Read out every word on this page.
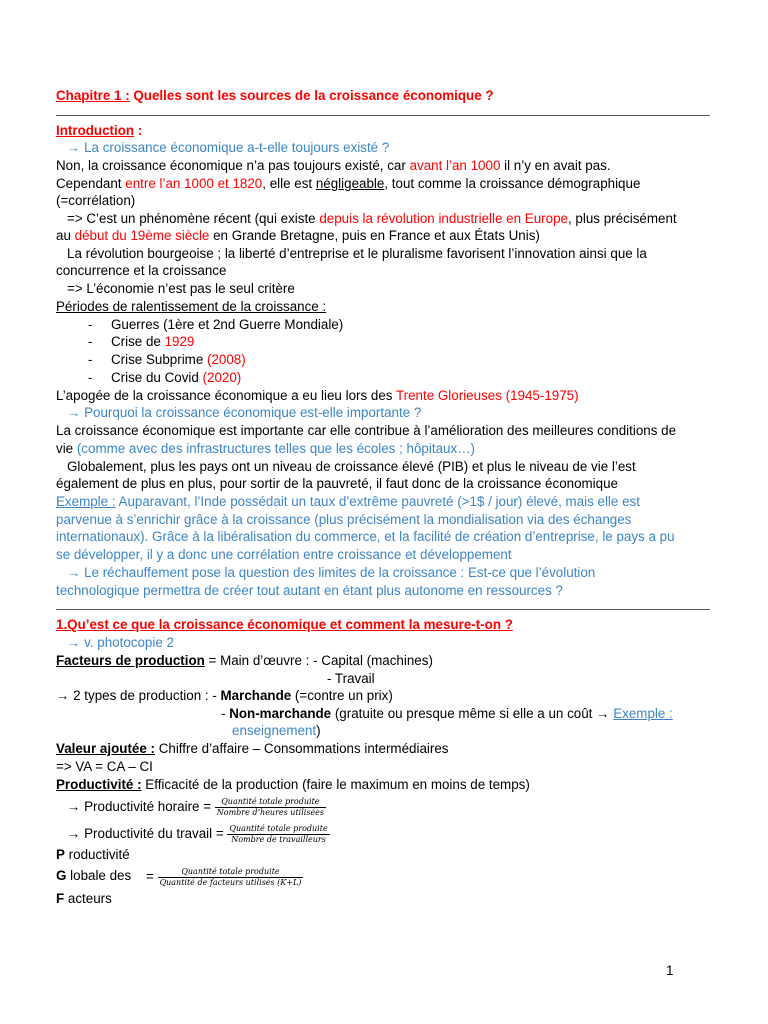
Chapitre 1 : Quelles sont les sources de la croissance économique ?
Introduction :
→ La croissance économique a-t-elle toujours existé ?
Non, la croissance économique n’a pas toujours existé, car avant l’an 1000 il n’y en avait pas.
Cependant entre l’an 1000 et 1820, elle est négligeable, tout comme la croissance démographique
(=corrélation)
=> C’est un phénomène récent (qui existe depuis la révolution industrielle en Europe, plus précisément
au début du 19ème siècle en Grande Bretagne, puis en France et aux États Unis)
La révolution bourgeoise ; la liberté d’entreprise et le pluralisme favorisent l’innovation ainsi que la
concurrence et la croissance
=> L’économie n’est pas le seul critère
Périodes de ralentissement de la croissance :
- Guerres (1ère et 2nd Guerre Mondiale)
- Crise de 1929
- Crise Subprime (2008)
- Crise du Covid (2020)
L’apogée de la croissance économique a eu lieu lors des Trente Glorieuses (1945-1975)
→ Pourquoi la croissance économique est-elle importante ?
La croissance économique est importante car elle contribue à l’amélioration des meilleures conditions de
vie (comme avec des infrastructures telles que les écoles ; hôpitaux…)
Globalement, plus les pays ont un niveau de croissance élevé (PIB) et plus le niveau de vie l’est
également de plus en plus, pour sortir de la pauvreté, il faut donc de la croissance économique
Exemple : Auparavant, l’Inde possédait un taux d’extrême pauvreté (>1$ / jour) élevé, mais elle est
parvenue à s’enrichir grâce à la croissance (plus précisément la mondialisation via des échanges
internationaux). Grâce à la libéralisation du commerce, et la facilité de création d’entreprise, le pays a pu
se développer, il y a donc une corrélation entre croissance et développement
→ Le réchauffement pose la question des limites de la croissance : Est-ce que l’évolution
technologique permettra de créer tout autant en étant plus autonome en ressources ?
1.Qu’est ce que la croissance économique et comment la mesure-t-on ?
→ v. photocopie 2
Facteurs de production = Main d’œuvre : - Capital (machines)
- Travail
→ 2 types de production : - Marchande (=contre un prix)
- Non-marchande (gratuite ou presque même si elle a un coût → Exemple :
enseignement)
Valeur ajoutée : Chiffre d’affaire – Consommations intermédiaires
=> VA = CA – CI
Productivité : Efficacité de la production (faire le maximum en moins de temps)
→ Productivité horaire = $\frac{\text{Quantité totale produite}}{\text{Nombre d’heures utilisées}}$
→ Productivité du travail = $\frac{\text{Quantité totale produite}}{\text{Nombre de travailleurs}}$
P roductivité
G lobale des = $\frac{\text{Quantité totale produite}}{\text{Quantité de facteurs utilisés (K+L)}}$
F acteurs
1
